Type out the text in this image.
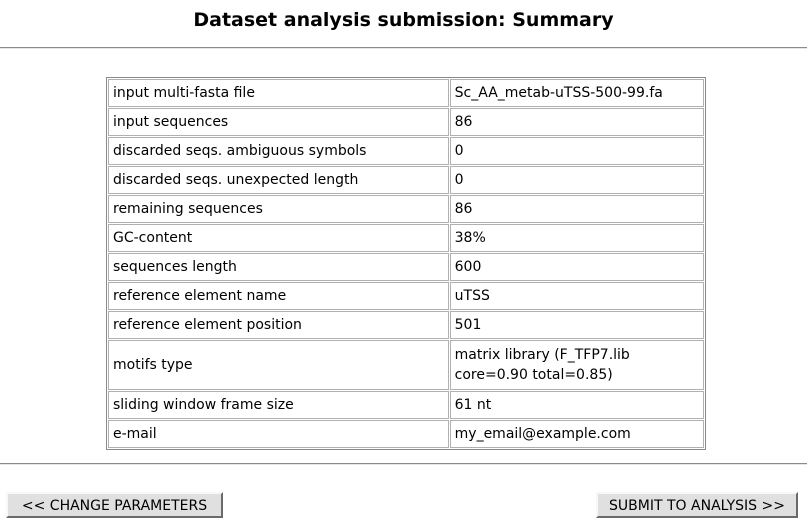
Dataset analysis submission: Summary
input multi-fasta file	Sc_AA_metab-uTSS-500-99.fa
input sequences	86
discarded seqs. ambiguous symbols	0
discarded seqs. unexpected length	0
remaining sequences	86
GC-content	38%
sequences length	600
reference element name	uTSS
reference element position	501
motifs type	matrix library (F_TFP7.lib core=0.90 total=0.85)
sliding window frame size	61 nt
e-mail	my_email@example.com
<< CHANGE PARAMETERS	SUBMIT TO ANALYSIS >>
